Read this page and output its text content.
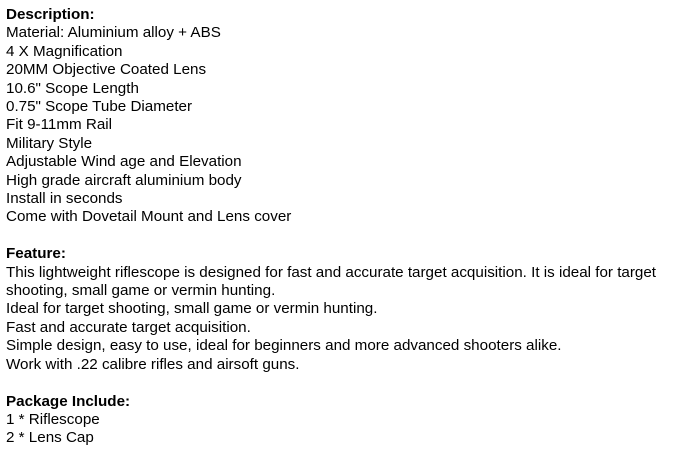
Description:

Material: Aluminium alloy + ABS

4 X Magnification

20MM Objective Coated Lens

10.6" Scope Length

0.75" Scope Tube Diameter

Fit 9-11mm Rail

Military Style

Adjustable Wind age and Elevation

High grade aircraft aluminium body

Install in seconds

Come with Dovetail Mount and Lens cover

Feature:

This lightweight riflescope is designed for fast and accurate target acquisition. It is ideal for target shooting, small game or vermin hunting.

Ideal for target shooting, small game or vermin hunting.

Fast and accurate target acquisition.

Simple design, easy to use, ideal for beginners and more advanced shooters alike.

Work with .22 calibre rifles and airsoft guns.

Package Include:

1 * Riflescope

2 * Lens Cap
